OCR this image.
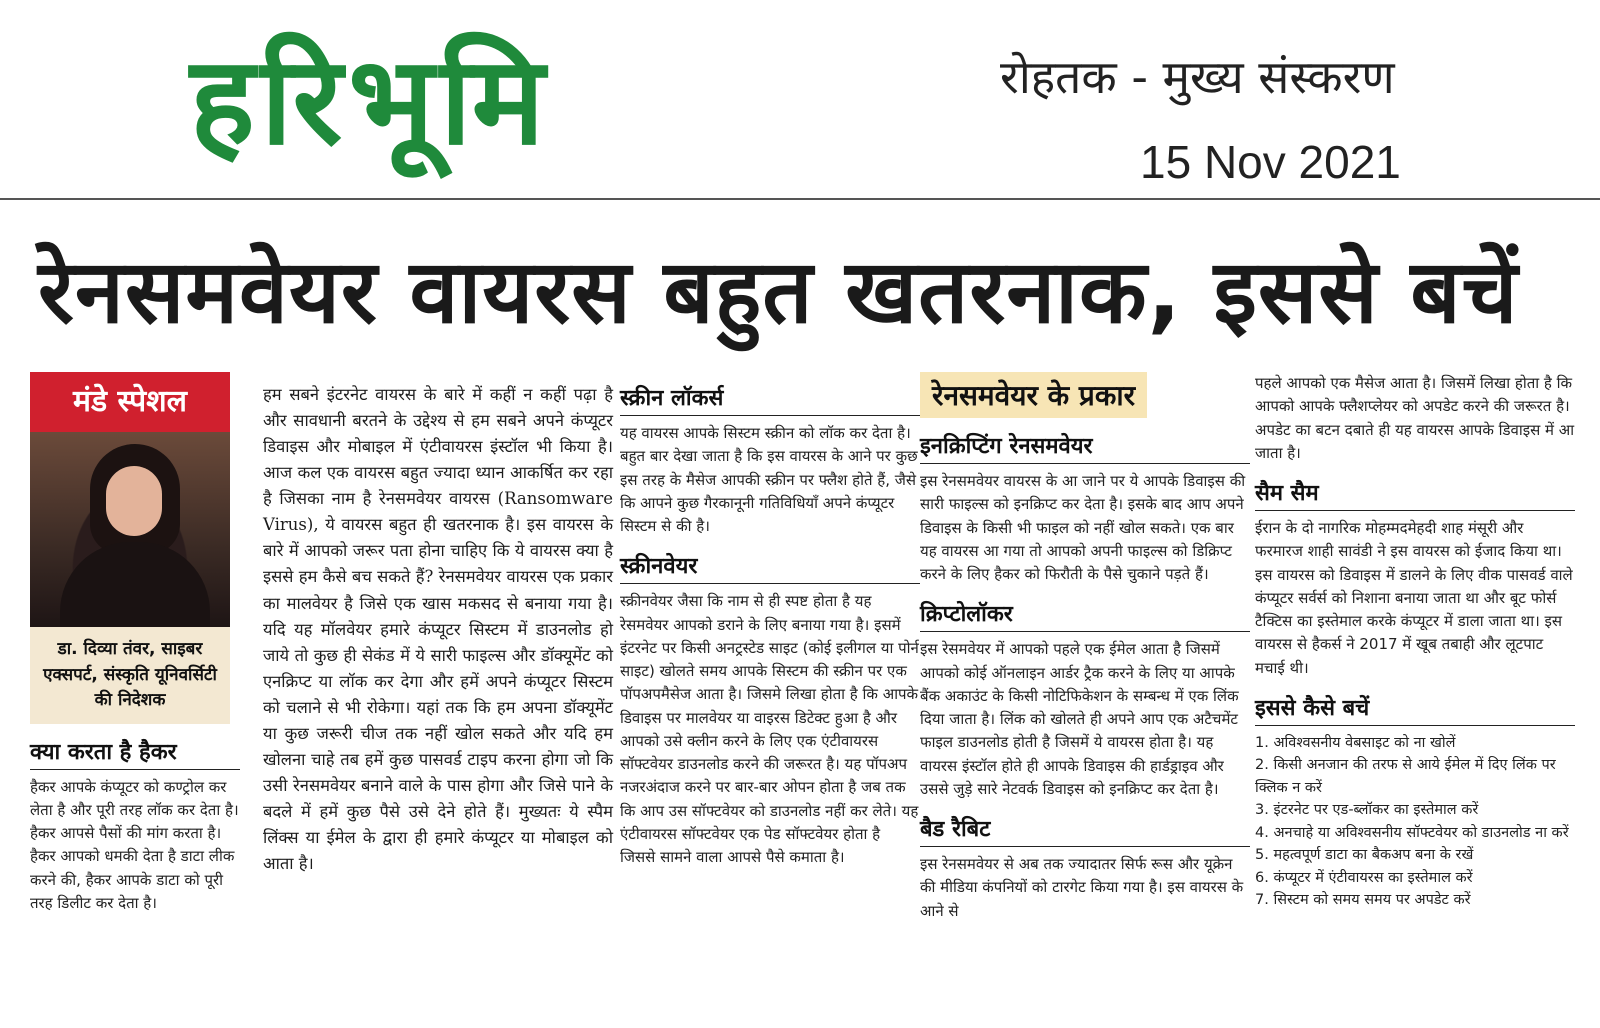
हरिभूमि	रोहतक - मुख्य संस्करण
15 Nov 2021
रेनसमवेयर वायरस बहुत खतरनाक, इससे बचें
मंडे स्पेशल
डा. दिव्या तंवर, साइबर एक्सपर्ट, संस्कृति यूनिवर्सिटी की निदेशक
क्या करता है हैकर

हैकर आपके कंप्यूटर को कण्ट्रोल कर लेता है और पूरी तरह लॉक कर देता है। हैकर आपसे पैसों की मांग करता है। हैकर आपको धमकी देता है डाटा लीक करने की, हैकर आपके डाटा को पूरी तरह डिलीट कर देता है।

हम सबने इंटरनेट वायरस के बारे में कहीं न कहीं पढ़ा है और सावधानी बरतने के उद्देश्य से हम सबने अपने कंप्यूटर डिवाइस और मोबाइल में एंटीवायरस इंस्टॉल भी किया है। आज कल एक वायरस बहुत ज्यादा ध्यान आकर्षित कर रहा है जिसका नाम है रेनसमवेयर वायरस (Ransomware Virus), ये वायरस बहुत ही खतरनाक है। इस वायरस के बारे में आपको जरूर पता होना चाहिए कि ये वायरस क्या है इससे हम कैसे बच सकते हैं? रेनसमवेयर वायरस एक प्रकार का मालवेयर है जिसे एक खास मकसद से बनाया गया है। यदि यह मॉलवेयर हमारे कंप्यूटर सिस्टम में डाउनलोड हो जाये तो कुछ ही सेकंड में ये सारी फाइल्स और डॉक्यूमेंट को एनक्रिप्ट या लॉक कर देगा और हमें अपने कंप्यूटर सिस्टम को चलाने से भी रोकेगा। यहां तक कि हम अपना डॉक्यूमेंट या कुछ जरूरी चीज तक नहीं खोल सकते और यदि हम खोलना चाहे तब हमें कुछ पासवर्ड टाइप करना होगा जो कि उसी रेनसमवेयर बनाने वाले के पास होगा और जिसे पाने के बदले में हमें कुछ पैसे उसे देने होते हैं। मुख्यतः ये स्पैम लिंक्स या ईमेल के द्वारा ही हमारे कंप्यूटर या मोबाइल को आता है।

स्क्रीन लॉकर्स

यह वायरस आपके सिस्टम स्क्रीन को लॉक कर देता है। बहुत बार देखा जाता है कि इस वायरस के आने पर कुछ इस तरह के मैसेज आपकी स्क्रीन पर फ्लैश होते हैं, जैसे कि आपने कुछ गैरकानूनी गतिविधियाँ अपने कंप्यूटर सिस्टम से की है।

स्क्रीनवेयर

स्क्रीनवेयर जैसा कि नाम से ही स्पष्ट होता है यह रेसमवेयर आपको डराने के लिए बनाया गया है। इसमें इंटरनेट पर किसी अनट्रस्टेड साइट (कोई इलीगल या पोर्न साइट) खोलते समय आपके सिस्टम की स्क्रीन पर एक पॉपअपमैसेज आता है। जिसमे लिखा होता है कि आपके डिवाइस पर मालवेयर या वाइरस डिटेक्ट हुआ है और आपको उसे क्लीन करने के लिए एक एंटीवायरस सॉफ्टवेयर डाउनलोड करने की जरूरत है। यह पॉपअप नजरअंदाज करने पर बार-बार ओपन होता है जब तक कि आप उस सॉफ्टवेयर को डाउनलोड नहीं कर लेते। यह एंटीवायरस सॉफ्टवेयर एक पेड सॉफ्टवेयर होता है जिससे सामने वाला आपसे पैसे कमाता है।

रेनसमवेयर के प्रकार
इनक्रिप्टिंग रेनसमवेयर

इस रेनसमवेयर वायरस के आ जाने पर ये आपके डिवाइस की सारी फाइल्स को इनक्रिप्ट कर देता है। इसके बाद आप अपने डिवाइस के किसी भी फाइल को नहीं खोल सकते। एक बार यह वायरस आ गया तो आपको अपनी फाइल्स को डिक्रिप्ट करने के लिए हैकर को फिरौती के पैसे चुकाने पड़ते हैं।

क्रिप्टोलॉकर

इस रेसमवेयर में आपको पहले एक ईमेल आता है जिसमें आपको कोई ऑनलाइन आर्डर ट्रैक करने के लिए या आपके बैंक अकाउंट के किसी नोटिफिकेशन के सम्बन्ध में एक लिंक दिया जाता है। लिंक को खोलते ही अपने आप एक अटैचमेंट फाइल डाउनलोड होती है जिसमें ये वायरस होता है। यह वायरस इंस्टॉल होते ही आपके डिवाइस की हार्डड्राइव और उससे जुड़े सारे नेटवर्क डिवाइस को इनक्रिप्ट कर देता है।

बैड रैबिट

इस रेनसमवेयर से अब तक ज्यादातर सिर्फ रूस और यूक्रेन की मीडिया कंपनियों को टारगेट किया गया है। इस वायरस के आने से

पहले आपको एक मैसेज आता है। जिसमें लिखा होता है कि आपको आपके फ्लैशप्लेयर को अपडेट करने की जरूरत है। अपडेट का बटन दबाते ही यह वायरस आपके डिवाइस में आ जाता है।

सैम सैम

ईरान के दो नागरिक मोहम्मदमेहदी शाह मंसूरी और फरमारज शाही सावंडी ने इस वायरस को ईजाद किया था। इस वायरस को डिवाइस में डालने के लिए वीक पासवर्ड वाले कंप्यूटर सर्वर्स को निशाना बनाया जाता था और बूट फोर्स टैक्टिस का इस्तेमाल करके कंप्यूटर में डाला जाता था। इस वायरस से हैकर्स ने 2017 में खूब तबाही और लूटपाट मचाई थी।

इससे कैसे बचें
1. अविश्वसनीय वेबसाइट को ना खोलें
2. किसी अनजान की तरफ से आये ईमेल में दिए लिंक पर क्लिक न करें
3. इंटरनेट पर एड-ब्लॉकर का इस्तेमाल करें
4. अनचाहे या अविश्वसनीय सॉफ्टवेयर को डाउनलोड ना करें
5. महत्वपूर्ण डाटा का बैकअप बना के रखें
6. कंप्यूटर में एंटीवायरस का इस्तेमाल करें
7. सिस्टम को समय समय पर अपडेट करें
